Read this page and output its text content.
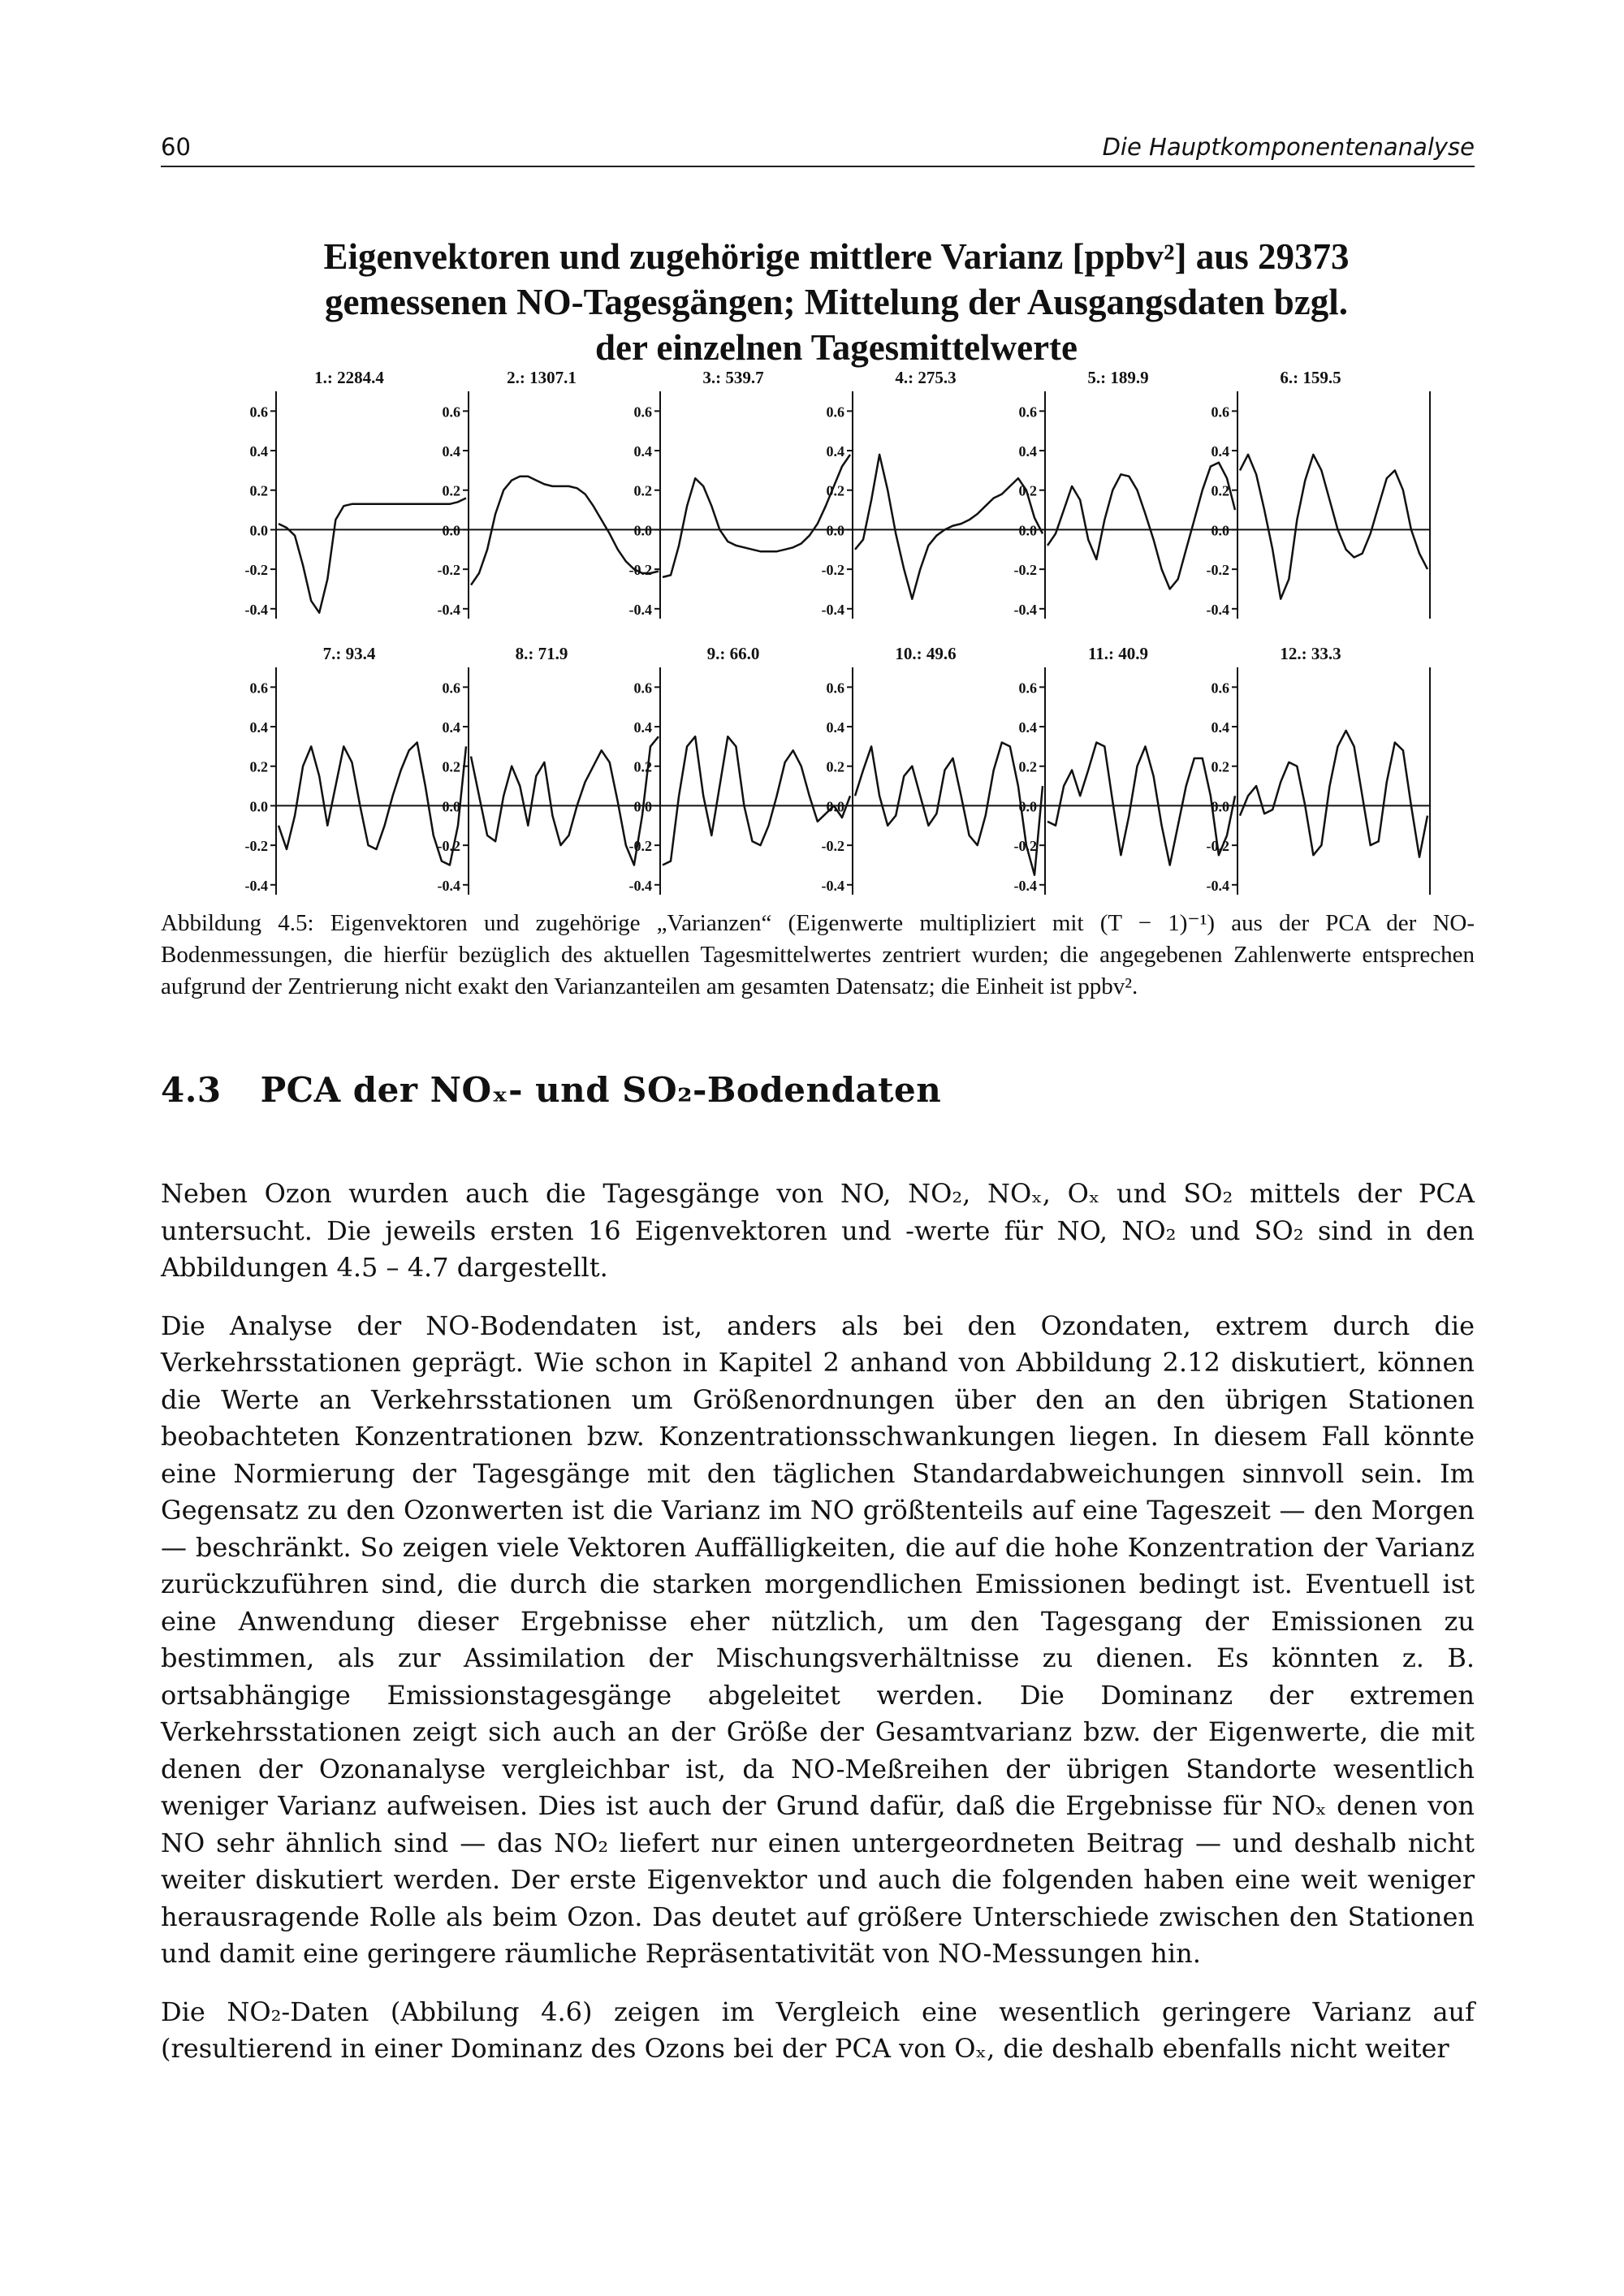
60	Die Hauptkomponentenanalyse
Eigenvektoren und zugehörige mittlere Varianz [ppbv²] aus 29373
gemessenen NO-Tagesgängen; Mittelung der Ausgangsdaten bzgl.
der einzelnen Tagesmittelwerte
1.: 2284.4
0.6
0.4
0.2
0.0
-0.2
-0.4
2.: 1307.1
0.6
0.4
0.2
0.0
-0.2
-0.4
3.: 539.7
0.6
0.4
0.2
0.0
-0.2
-0.4
4.: 275.3
0.6
0.4
0.2
0.0
-0.2
-0.4
5.: 189.9
0.6
0.4
0.2
0.0
-0.2
-0.4
6.: 159.5
0.6
0.4
0.2
0.0
-0.2
-0.4
7.: 93.4
0.6
0.4
0.2
0.0
-0.2
-0.4
8.: 71.9
0.6
0.4
0.2
0.0
-0.2
-0.4
9.: 66.0
0.6
0.4
0.2
0.0
-0.2
-0.4
10.: 49.6
0.6
0.4
0.2
0.0
-0.2
-0.4
11.: 40.9
0.6
0.4
0.2
0.0
-0.2
-0.4
12.: 33.3
0.6
0.4
0.2
0.0
-0.2
-0.4

Abbildung 4.5: Eigenvektoren und zugehörige „Varianzen“ (Eigenwerte multipliziert mit (T − 1)⁻¹) aus der PCA der NO-Bodenmessungen, die hierfür bezüglich des aktuellen Tagesmittelwertes zentriert wurden; die angegebenen Zahlenwerte entsprechen aufgrund der Zentrierung nicht exakt den Varianzanteilen am gesamten Datensatz; die Einheit ist ppbv².

4.3 PCA der NOₓ- und SO₂-Bodendaten

Neben Ozon wurden auch die Tagesgänge von NO, NO₂, NOₓ, Oₓ und SO₂ mittels der PCA untersucht. Die jeweils ersten 16 Eigenvektoren und -werte für NO, NO₂ und SO₂ sind in den Abbildungen 4.5 – 4.7 dargestellt.

Die Analyse der NO-Bodendaten ist, anders als bei den Ozondaten, extrem durch die Verkehrsstationen geprägt. Wie schon in Kapitel 2 anhand von Abbildung 2.12 diskutiert, können die Werte an Verkehrsstationen um Größenordnungen über den an den übrigen Stationen beobachteten Konzentrationen bzw. Konzentrationsschwankungen liegen. In diesem Fall könnte eine Normierung der Tagesgänge mit den täglichen Standardabweichungen sinnvoll sein. Im Gegensatz zu den Ozonwerten ist die Varianz im NO größtenteils auf eine Tageszeit — den Morgen — beschränkt. So zeigen viele Vektoren Auffälligkeiten, die auf die hohe Konzentration der Varianz zurückzuführen sind, die durch die starken morgendlichen Emissionen bedingt ist. Eventuell ist eine Anwendung dieser Ergebnisse eher nützlich, um den Tagesgang der Emissionen zu bestimmen, als zur Assimilation der Mischungsverhältnisse zu dienen. Es könnten z. B. ortsabhängige Emissionstagesgänge abgeleitet werden. Die Dominanz der extremen Verkehrsstationen zeigt sich auch an der Größe der Gesamtvarianz bzw. der Eigenwerte, die mit denen der Ozonanalyse vergleichbar ist, da NO-Meßreihen der übrigen Standorte wesentlich weniger Varianz aufweisen. Dies ist auch der Grund dafür, daß die Ergebnisse für NOₓ denen von NO sehr ähnlich sind — das NO₂ liefert nur einen untergeordneten Beitrag — und deshalb nicht weiter diskutiert werden. Der erste Eigenvektor und auch die folgenden haben eine weit weniger herausragende Rolle als beim Ozon. Das deutet auf größere Unterschiede zwischen den Stationen und damit eine geringere räumliche Repräsentativität von NO-Messungen hin.

Die NO₂-Daten (Abbilung 4.6) zeigen im Vergleich eine wesentlich geringere Varianz auf (resultierend in einer Dominanz des Ozons bei der PCA von Oₓ, die deshalb ebenfalls nicht weiter
